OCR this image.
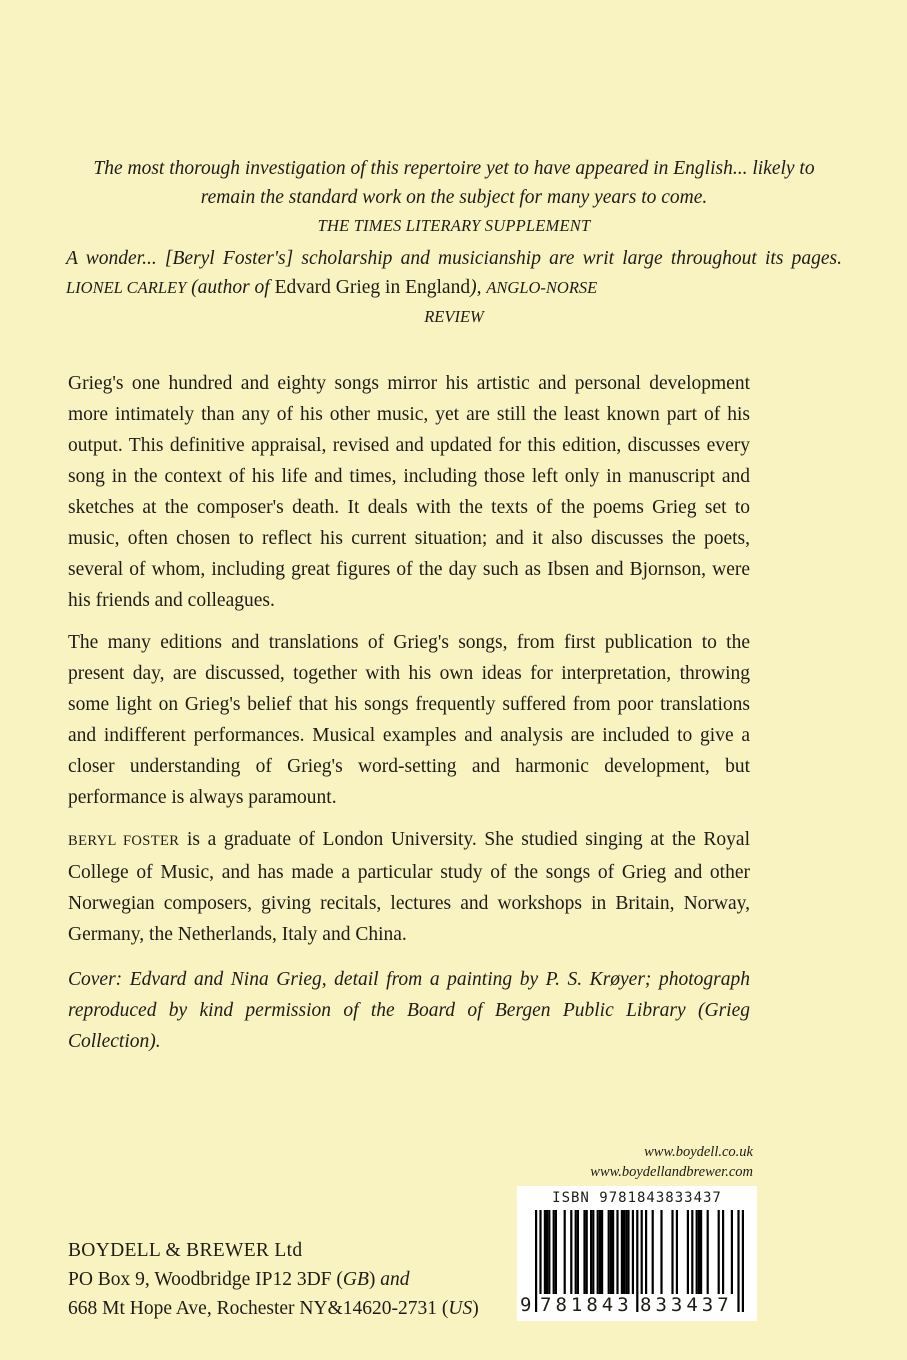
The most thorough investigation of this repertoire yet to have appeared in English... likely to remain the standard work on the subject for many years to come.

THE TIMES LITERARY SUPPLEMENT

A wonder... [Beryl Foster's] scholarship and musicianship are writ large throughout its pages. LIONEL CARLEY (author of Edvard Grieg in England), ANGLO-NORSE
REVIEW

Grieg's one hundred and eighty songs mirror his artistic and personal development more intimately than any of his other music, yet are still the least known part of his output. This definitive appraisal, revised and updated for this edition, discusses every song in the context of his life and times, including those left only in manuscript and sketches at the composer's death. It deals with the texts of the poems Grieg set to music, often chosen to reflect his current situation; and it also discusses the poets, several of whom, including great figures of the day such as Ibsen and Bjornson, were his friends and colleagues.

The many editions and translations of Grieg's songs, from first publication to the present day, are discussed, together with his own ideas for interpretation, throwing some light on Grieg's belief that his songs frequently suffered from poor translations and indifferent performances. Musical examples and analysis are included to give a closer understanding of Grieg's word-setting and harmonic development, but performance is always paramount.

BERYL FOSTER is a graduate of London University. She studied singing at the Royal College of Music, and has made a particular study of the songs of Grieg and other Norwegian composers, giving recitals, lectures and workshops in Britain, Norway, Germany, the Netherlands, Italy and China.

Cover: Edvard and Nina Grieg, detail from a painting by P. S. Krøyer; photograph reproduced by kind permission of the Board of Bergen Public Library (Grieg Collection).

www.boydell.co.uk
www.boydellandbrewer.com
BOYDELL & BREWER Ltd
PO Box 9, Woodbridge IP12 3DF (GB) and
668 Mt Hope Ave, Rochester NY&14620-2731 (US)
ISBN 9781843833437
9 781843 833437
